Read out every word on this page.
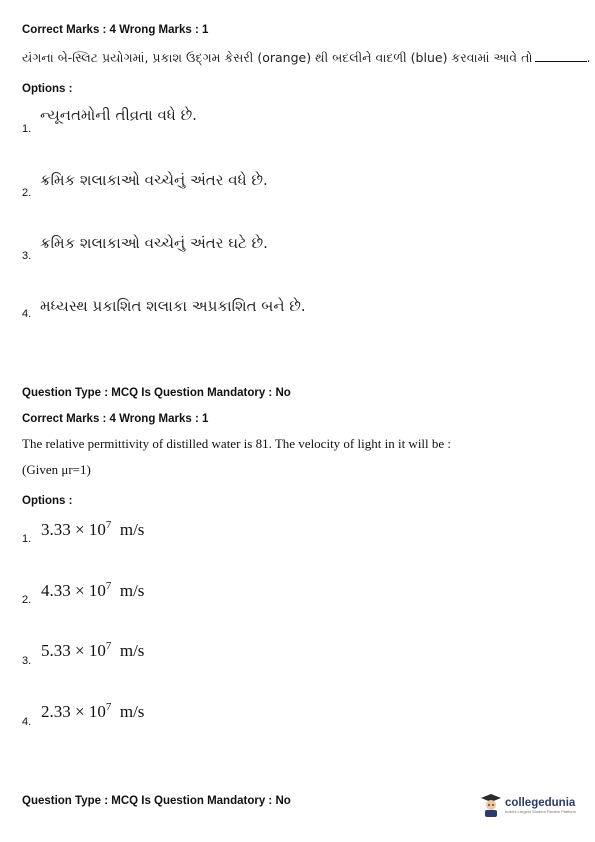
Correct Marks : 4 Wrong Marks : 1
યંગના બે-સ્લિટ પ્રયોગમાં, પ્રકાશ ઉદ્ગમ કેસરી (orange) થી બદલીને વાદળી (blue) કરવામાં આવે તો	.
Options :
1.
ન્યૂનતમોની તીવ્રતા વધે છે.
2.
ક્રમિક શલાકાઓ વચ્ચેનું અંતર વધે છે.
3.
ક્રમિક શલાકાઓ વચ્ચેનું અંતર ઘટે છે.
4. મધ્યસ્થ પ્રકાશિત શલાકા અપ્રકાશિત બને છે.
Question Type : MCQ Is Question Mandatory : No
Correct Marks : 4 Wrong Marks : 1
The relative permittivity of distilled water is 81. The velocity of light in it will be :
(Given μr=1)
Options :
1. $3.33 \times 10^7$ m/s
2. $4.33 \times 10^7$ m/s
3.
$5.33 \times 10^7$ m/s
4.
$2.33 \times 10^7$ m/s
Question Type : MCQ Is Question Mandatory : No	collegedunia
India's Largest Student Review Platform
